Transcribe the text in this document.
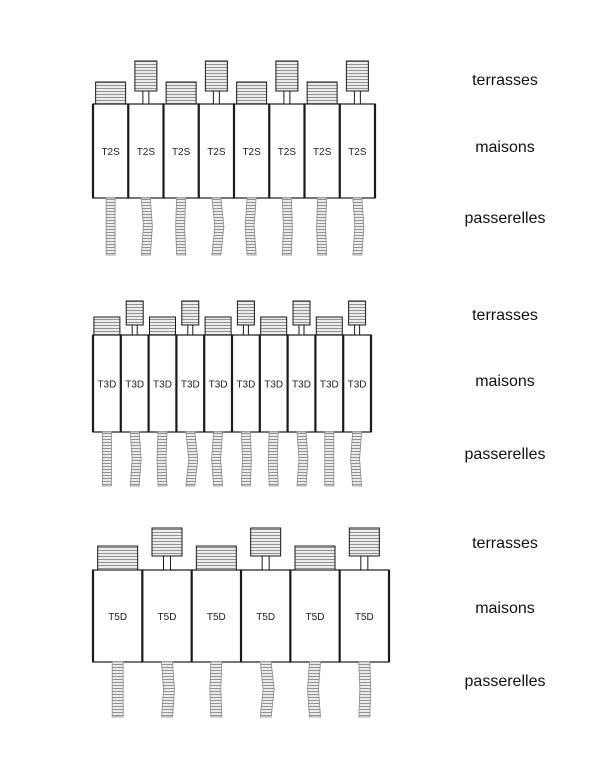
T2S T2S T2S T2S T2S T2S T2S T2S
T3D T3D T3D T3D T3D T3D T3D T3D T3D T3D
T5D	T5D	T5D	T5D	T5D	T5D
terrasses
maisons
passerelles
terrasses
maisons
passerelles
terrasses
maisons
passerelles
